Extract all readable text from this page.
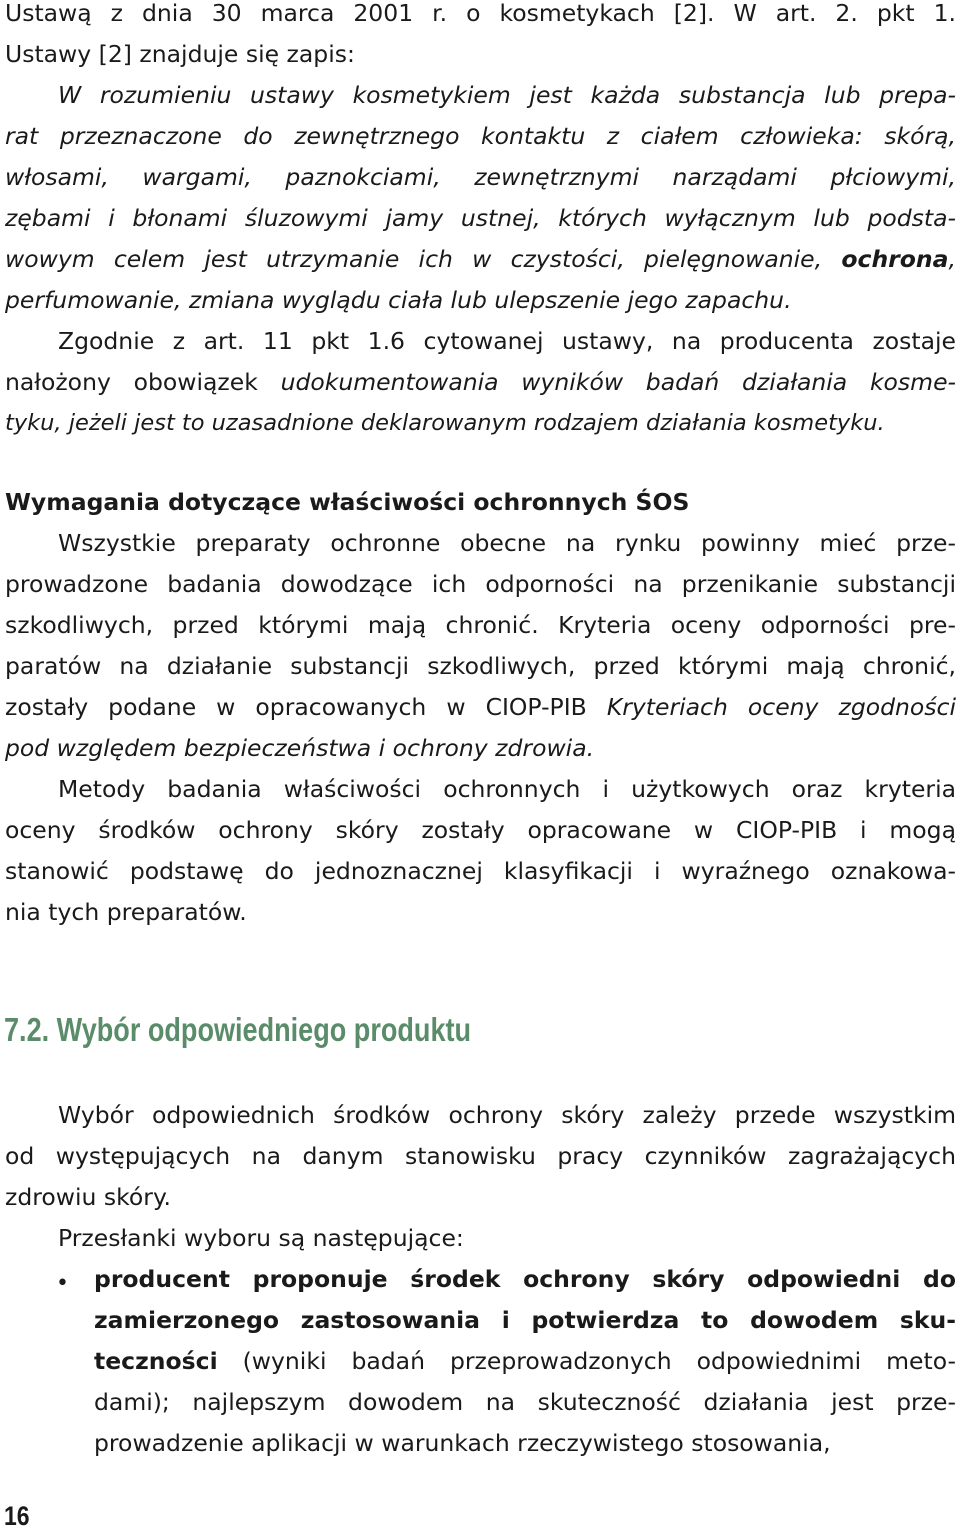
Ustawą z dnia 30 marca 2001 r. o kosmetykach [2]. W art. 2. pkt 1.

Ustawy [2] znajduje się zapis:

W rozumieniu ustawy kosmetykiem jest każda substancja lub prepa-

rat przeznaczone do zewnętrznego kontaktu z ciałem człowieka: skórą,

włosami, wargami, paznokciami, zewnętrznymi narządami płciowymi,

zębami i błonami śluzowymi jamy ustnej, których wyłącznym lub podsta-

wowym celem jest utrzymanie ich w czystości, pielęgnowanie, ochrona,

perfumowanie, zmiana wyglądu ciała lub ulepszenie jego zapachu.

Zgodnie z art. 11 pkt 1.6 cytowanej ustawy, na producenta zostaje

nałożony obowiązek udokumentowania wyników badań działania kosme-

tyku, jeżeli jest to uzasadnione deklarowanym rodzajem działania kosmetyku.

Wymagania dotyczące właściwości ochronnych ŚOS

Wszystkie preparaty ochronne obecne na rynku powinny mieć prze-

prowadzone badania dowodzące ich odporności na przenikanie substancji

szkodliwych, przed którymi mają chronić. Kryteria oceny odporności pre-

paratów na działanie substancji szkodliwych, przed którymi mają chronić,

zostały podane w opracowanych w CIOP-PIB Kryteriach oceny zgodności

pod względem bezpieczeństwa i ochrony zdrowia.

Metody badania właściwości ochronnych i użytkowych oraz kryteria

oceny środków ochrony skóry zostały opracowane w CIOP-PIB i mogą

stanowić podstawę do jednoznacznej klasyfikacji i wyraźnego oznakowa-

nia tych preparatów.

7.2. Wybór odpowiedniego produktu

Wybór odpowiednich środków ochrony skóry zależy przede wszystkim

od występujących na danym stanowisku pracy czynników zagrażających

zdrowiu skóry.

Przesłanki wyboru są następujące:

• producent proponuje środek ochrony skóry odpowiedni do

zamierzonego zastosowania i potwierdza to dowodem sku-

teczności (wyniki badań przeprowadzonych odpowiednimi meto-

dami); najlepszym dowodem na skuteczność działania jest prze-

prowadzenie aplikacji w warunkach rzeczywistego stosowania,

16
